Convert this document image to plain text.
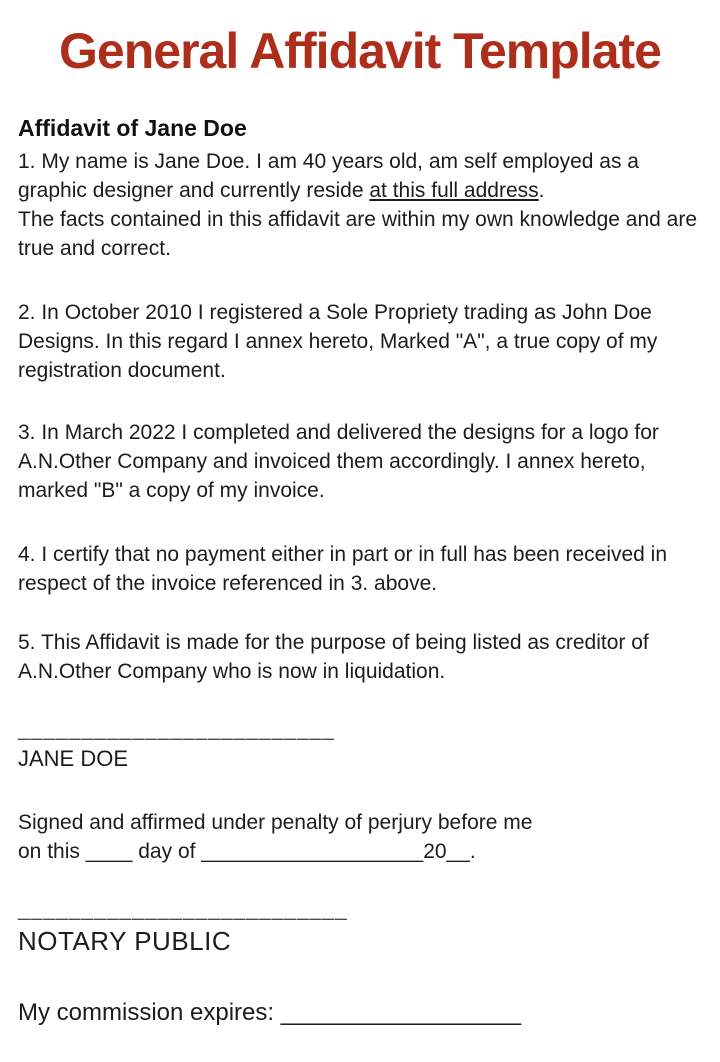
General Affidavit Template
Affidavit of Jane Doe
1. My name is Jane Doe. I am 40 years old, am self employed as a
graphic designer and currently reside at this full address.
The facts contained in this affidavit are within my own knowledge and are
true and correct.
2. In October 2010 I registered a Sole Propriety trading as John Doe
Designs. In this regard I annex hereto, Marked "A", a true copy of my
registration document.
3. In March 2022 I completed and delivered the designs for a logo for
A.N.Other Company and invoiced them accordingly. I annex hereto,
marked "B" a copy of my invoice.
4. I certify that no payment either in part or in full has been received in
respect of the invoice referenced in 3. above.
5. This Affidavit is made for the purpose of being listed as creditor of
A.N.Other Company who is now in liquidation.
_________________________
JANE DOE
Signed and affirmed under penalty of perjury before me
on this ____ day of ___________________20__.
__________________________
NOTARY PUBLIC
My commission expires: __________________
